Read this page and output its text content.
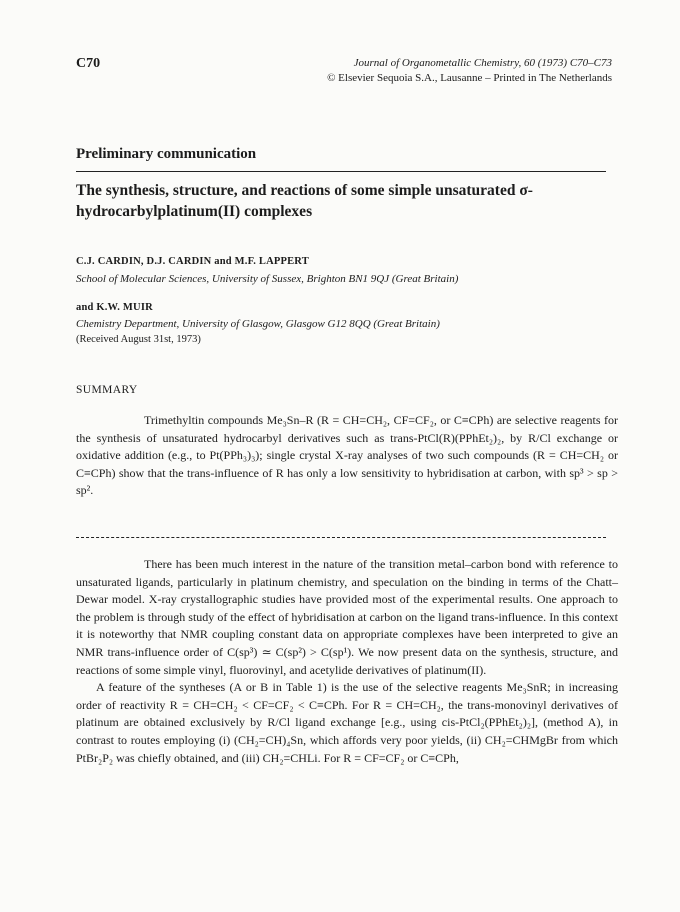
C70	Journal of Organometallic Chemistry, 60 (1973) C70–C73
© Elsevier Sequoia S.A., Lausanne – Printed in The Netherlands
Preliminary communication
The synthesis, structure, and reactions of some simple unsaturated σ-hydrocarbylplatinum(II) complexes
C.J. CARDIN, D.J. CARDIN and M.F. LAPPERT
School of Molecular Sciences, University of Sussex, Brighton BN1 9QJ (Great Britain)
and K.W. MUIR
Chemistry Department, University of Glasgow, Glasgow G12 8QQ (Great Britain)
(Received August 31st, 1973)
SUMMARY

Trimethyltin compounds Me₃Sn–R (R = CH=CH₂, CF=CF₂, or C≡CPh) are selective reagents for the synthesis of unsaturated hydrocarbyl derivatives such as trans-PtCl(R)(PPhEt₂)₂, by R/Cl exchange or oxidative addition (e.g., to Pt(PPh₃)₃); single crystal X-ray analyses of two such compounds (R = CH=CH₂ or C≡CPh) show that the trans-influence of R has only a low sensitivity to hybridisation at carbon, with sp³ > sp > sp².

There has been much interest in the nature of the transition metal–carbon bond with reference to unsaturated ligands, particularly in platinum chemistry, and speculation on the binding in terms of the Chatt–Dewar model. X-ray crystallographic studies have provided most of the experimental results. One approach to the problem is through study of the effect of hybridisation at carbon on the ligand trans-influence. In this context it is noteworthy that NMR coupling constant data on appropriate complexes have been interpreted to give an NMR trans-influence order of C(sp³) ≃ C(sp²) > C(sp¹). We now present data on the synthesis, structure, and reactions of some simple vinyl, fluorovinyl, and acetylide derivatives of platinum(II).

A feature of the syntheses (A or B in Table 1) is the use of the selective reagents Me₃SnR; in increasing order of reactivity R = CH=CH₂ < CF=CF₂ < C≡CPh. For R = CH=CH₂, the trans-monovinyl derivatives of platinum are obtained exclusively by R/Cl ligand exchange [e.g., using cis-PtCl₂(PPhEt₂)₂], (method A), in contrast to routes employing (i) (CH₂=CH)₄Sn, which affords very poor yields, (ii) CH₂=CHMgBr from which PtBr₂P₂ was chiefly obtained, and (iii) CH₂=CHLi. For R = CF=CF₂ or C≡CPh,
